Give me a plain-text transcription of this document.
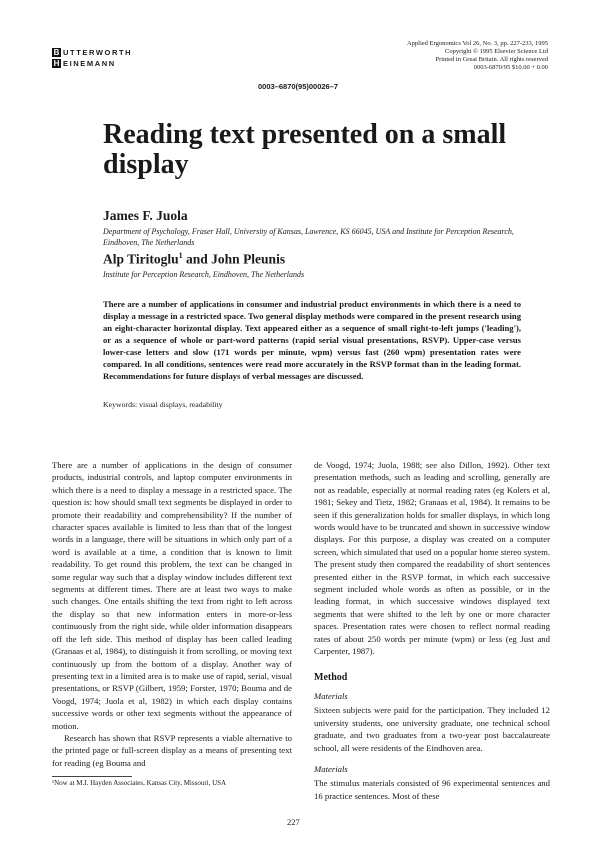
B UTTERWORTH
H EINEMANN
Applied Ergonomics Vol 26, No. 3, pp. 227-233, 1995
Copyright © 1995 Elsevier Science Ltd
Printed in Great Britain. All rights reserved
0003-6870/95 $10.00 + 0.00
0003–6870(95)00026–7
Reading text presented on a small display
James F. Juola
Department of Psychology, Fraser Hall, University of Kansas, Lawrence, KS 66045, USA and Institute for Perception Research, Eindhoven, The Netherlands
Alp Tiritoglu$^1$ and John Pleunis
Institute for Perception Research, Eindhoven, The Netherlands
There are a number of applications in consumer and industrial product environments in which there is a need to display a message in a restricted space. Two general display methods were compared in the present research using an eight-character horizontal display. Text appeared either as a sequence of small right-to-left jumps ('leading'), or as a sequence of whole or part-word patterns (rapid serial visual presentations, RSVP). Upper-case versus lower-case letters and slow (171 words per minute, wpm) versus fast (260 wpm) presentation rates were compared. In all conditions, sentences were read more accurately in the RSVP format than in the leading format. Recommendations for future displays of verbal messages are discussed.
Keywords: visual displays, readability

There are a number of applications in the design of consumer products, industrial controls, and laptop computer environments in which there is a need to display a message in a restricted space. The question is: how should small text segments be displayed in order to promote their readability and comprehensibility? If the number of character spaces available is limited to less than that of the longest words in a language, there will be situations in which only part of a word is available at a time, a condition that is known to limit readability. To get round this problem, the text can be changed in some regular way such that a display window includes different text segments at different times. There are at least two ways to make such changes. One entails shifting the text from right to left across the display so that new information enters in more-or-less continuously from the right side, while older information disappears off the left side. This method of display has been called leading (Granaas et al, 1984), to distinguish it from scrolling, or moving text continuously up from the bottom of a display. Another way of presenting text in a limited area is to make use of rapid, serial, visual presentations, or RSVP (Gilbert, 1959; Forster, 1970; Bouma and de Voogd, 1974; Juola et al, 1982) in which each display contains successive words or other text segments without the appearance of motion.

Research has shown that RSVP represents a viable alternative to the printed page or full-screen display as a means of presenting text for reading (eg Bouma and

de Voogd, 1974; Juola, 1988; see also Dillon, 1992). Other text presentation methods, such as leading and scrolling, generally are not as readable, especially at normal reading rates (eg Kolers et al, 1981; Sekey and Tietz, 1982; Granaas et al, 1984). It remains to be seen if this generalization holds for smaller displays, in which long words would have to be truncated and shown in successive window displays. For this purpose, a display was created on a computer screen, which simulated that used on a popular home stereo system. The present study then compared the readability of short sentences presented either in the RSVP format, in which each successive segment included whole words as often as possible, or in the leading format, in which successive windows displayed text segments that were shifted to the left by one or more character spaces. Presentation rates were chosen to reflect normal reading rates of about 250 words per minute (wpm) or less (eg Just and Carpenter, 1987).

Method
Materials

Sixteen subjects were paid for the participation. They included 12 university students, one university graduate, one technical school graduate, and two graduates from a two-year post baccalaureate school, all were residents of the Eindhoven area.

Materials

The stimulus materials consisted of 96 experimental sentences and 16 practice sentences. Most of these

¹Now at M.I. Hayden Associates, Kansas City, Missouri, USA
227
